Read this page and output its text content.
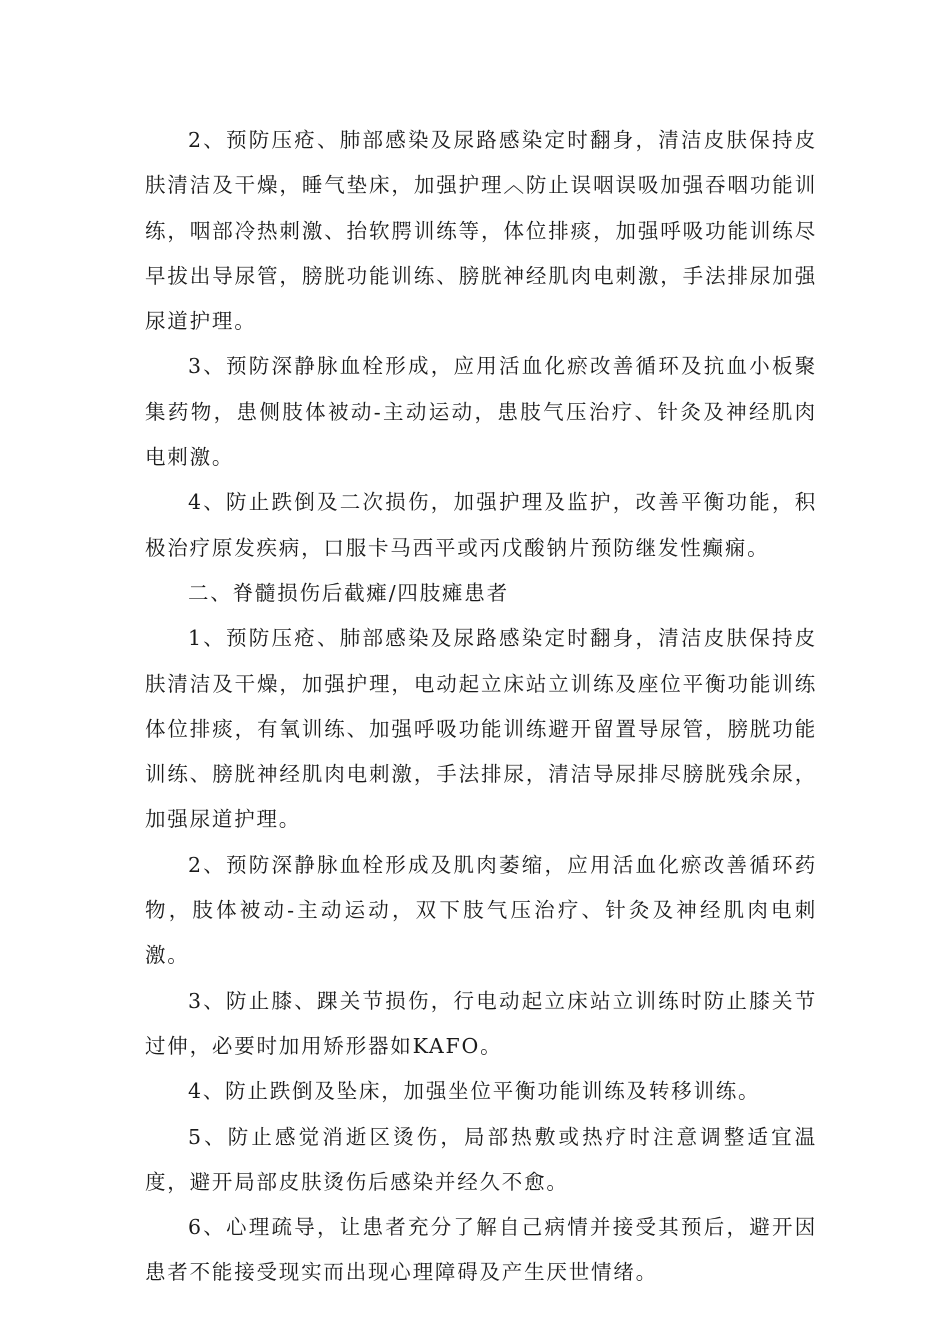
2、预防压疮、肺部感染及尿路感染定时翻身，清洁皮肤保持皮肤清洁及干燥，睡气垫床，加强护理︿防止误咽误吸加强吞咽功能训练，咽部冷热刺激、抬软腭训练等，体位排痰，加强呼吸功能训练尽早拔出导尿管，膀胱功能训练、膀胱神经肌肉电刺激，手法排尿加强尿道护理。

3、预防深静脉血栓形成，应用活血化瘀改善循环及抗血小板聚集药物，患侧肢体被动-主动运动，患肢气压治疗、针灸及神经肌肉电刺激。

4、防止跌倒及二次损伤，加强护理及监护，改善平衡功能，积极治疗原发疾病，口服卡马西平或丙戊酸钠片预防继发性癫痫。

二、脊髓损伤后截瘫/四肢瘫患者

1、预防压疮、肺部感染及尿路感染定时翻身，清洁皮肤保持皮肤清洁及干燥，加强护理，电动起立床站立训练及座位平衡功能训练体位排痰，有氧训练、加强呼吸功能训练避开留置导尿管，膀胱功能训练、膀胱神经肌肉电刺激，手法排尿，清洁导尿排尽膀胱残余尿，加强尿道护理。

2、预防深静脉血栓形成及肌肉萎缩，应用活血化瘀改善循环药物，肢体被动-主动运动，双下肢气压治疗、针灸及神经肌肉电刺激。

3、防止膝、踝关节损伤，行电动起立床站立训练时防止膝关节过伸，必要时加用矫形器如KAFO。

4、防止跌倒及坠床，加强坐位平衡功能训练及转移训练。

5、防止感觉消逝区烫伤，局部热敷或热疗时注意调整适宜温度，避开局部皮肤烫伤后感染并经久不愈。

6、心理疏导，让患者充分了解自己病情并接受其预后，避开因患者不能接受现实而出现心理障碍及产生厌世情绪。
